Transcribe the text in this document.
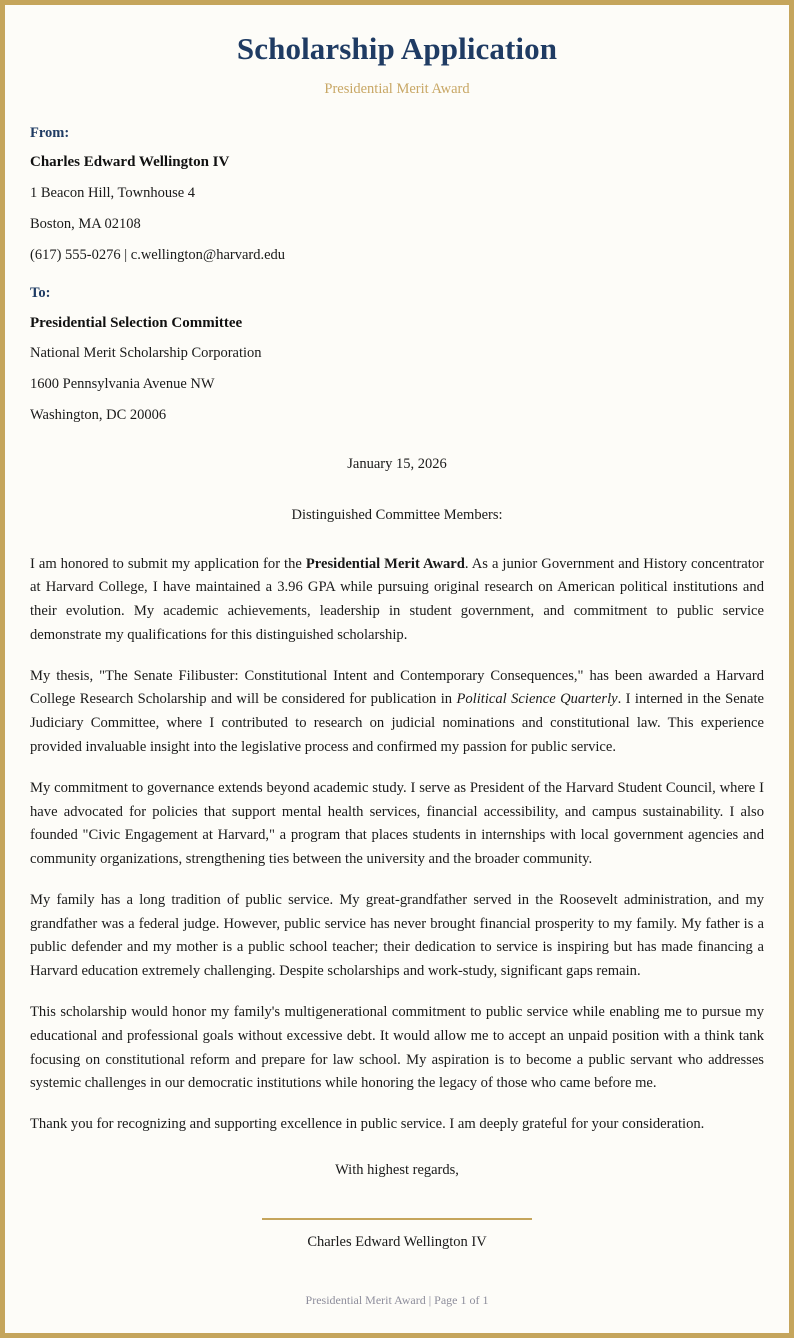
Scholarship Application

Presidential Merit Award

From:

Charles Edward Wellington IV

1 Beacon Hill, Townhouse 4

Boston, MA 02108

(617) 555-0276 | c.wellington@harvard.edu

To:

Presidential Selection Committee

National Merit Scholarship Corporation

1600 Pennsylvania Avenue NW

Washington, DC 20006

January 15, 2026

Distinguished Committee Members:

I am honored to submit my application for the Presidential Merit Award. As a junior Government and History concentrator at Harvard College, I have maintained a 3.96 GPA while pursuing original research on American political institutions and their evolution. My academic achievements, leadership in student government, and commitment to public service demonstrate my qualifications for this distinguished scholarship.

My thesis, "The Senate Filibuster: Constitutional Intent and Contemporary Consequences," has been awarded a Harvard College Research Scholarship and will be considered for publication in Political Science Quarterly. I interned in the Senate Judiciary Committee, where I contributed to research on judicial nominations and constitutional law. This experience provided invaluable insight into the legislative process and confirmed my passion for public service.

My commitment to governance extends beyond academic study. I serve as President of the Harvard Student Council, where I have advocated for policies that support mental health services, financial accessibility, and campus sustainability. I also founded "Civic Engagement at Harvard," a program that places students in internships with local government agencies and community organizations, strengthening ties between the university and the broader community.

My family has a long tradition of public service. My great-grandfather served in the Roosevelt administration, and my grandfather was a federal judge. However, public service has never brought financial prosperity to my family. My father is a public defender and my mother is a public school teacher; their dedication to service is inspiring but has made financing a Harvard education extremely challenging. Despite scholarships and work-study, significant gaps remain.

This scholarship would honor my family's multigenerational commitment to public service while enabling me to pursue my educational and professional goals without excessive debt. It would allow me to accept an unpaid position with a think tank focusing on constitutional reform and prepare for law school. My aspiration is to become a public servant who addresses systemic challenges in our democratic institutions while honoring the legacy of those who came before me.

Thank you for recognizing and supporting excellence in public service. I am deeply grateful for your consideration.

With highest regards,

Charles Edward Wellington IV
Presidential Merit Award | Page 1 of 1
